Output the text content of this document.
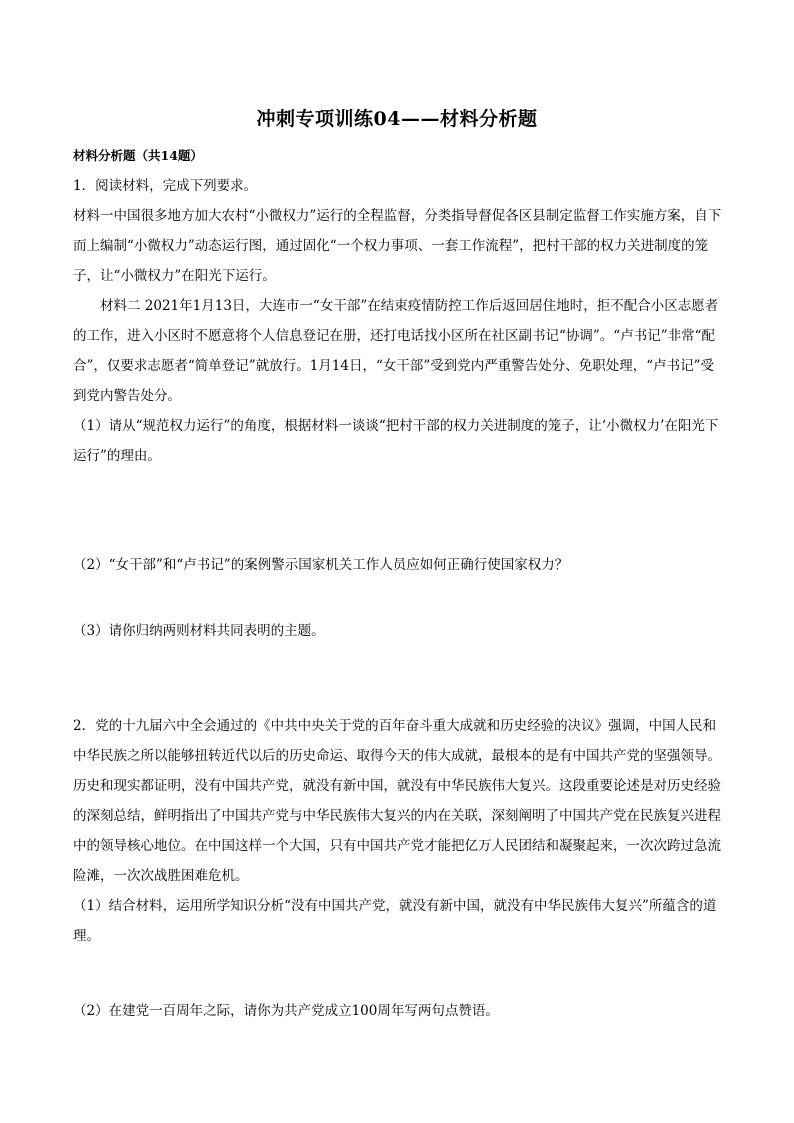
冲刺专项训练04——材料分析题
材料分析题（共14题）

1．阅读材料，完成下列要求。

材料一中国很多地方加大农村“小微权力”运行的全程监督，分类指导督促各区县制定监督工作实施方案，自下而上编制“小微权力”动态运行图，通过固化“一个权力事项、一套工作流程”，把村干部的权力关进制度的笼子，让“小微权力”在阳光下运行。

材料二 2021年1月13日，大连市一“女干部”在结束疫情防控工作后返回居住地时，拒不配合小区志愿者的工作，进入小区时不愿意将个人信息登记在册，还打电话找小区所在社区副书记“协调”。“卢书记”非常“配合”，仅要求志愿者“简单登记”就放行。1月14日，“女干部”受到党内严重警告处分、免职处理，“卢书记”受到党内警告处分。

（1）请从“规范权力运行”的角度，根据材料一谈谈“把村干部的权力关进制度的笼子，让‘小微权力’在阳光下运行”的理由。

（2）“女干部”和“卢书记”的案例警示国家机关工作人员应如何正确行使国家权力？

（3）请你归纳两则材料共同表明的主题。

2．党的十九届六中全会通过的《中共中央关于党的百年奋斗重大成就和历史经验的决议》强调，中国人民和中华民族之所以能够扭转近代以后的历史命运、取得今天的伟大成就，最根本的是有中国共产党的坚强领导。历史和现实都证明，没有中国共产党，就没有新中国，就没有中华民族伟大复兴。这段重要论述是对历史经验的深刻总结，鲜明指出了中国共产党与中华民族伟大复兴的内在关联，深刻阐明了中国共产党在民族复兴进程中的领导核心地位。在中国这样一个大国，只有中国共产党才能把亿万人民团结和凝聚起来，一次次跨过急流险滩，一次次战胜困难危机。

（1）结合材料，运用所学知识分析“没有中国共产党，就没有新中国，就没有中华民族伟大复兴”所蕴含的道理。

（2）在建党一百周年之际，请你为共产党成立100周年写两句点赞语。
